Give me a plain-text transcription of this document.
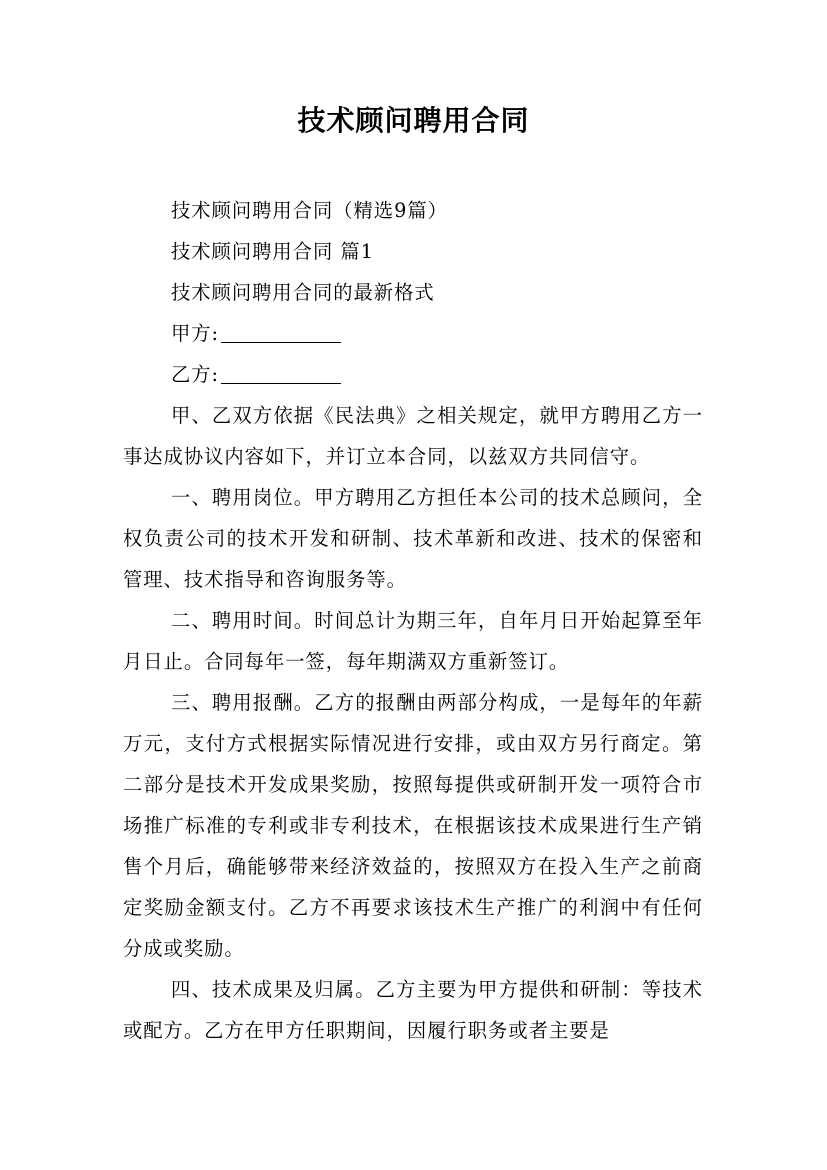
技术顾问聘用合同

技术顾问聘用合同（精选9篇）

技术顾问聘用合同 篇1

技术顾问聘用合同的最新格式

甲方:

乙方:

甲、乙双方依据《民法典》之相关规定，就甲方聘用乙方一事达成协议内容如下，并订立本合同，以兹双方共同信守。

一、聘用岗位。甲方聘用乙方担任本公司的技术总顾问，全权负责公司的技术开发和研制、技术革新和改进、技术的保密和管理、技术指导和咨询服务等。

二、聘用时间。时间总计为期三年，自年月日开始起算至年月日止。合同每年一签，每年期满双方重新签订。

三、聘用报酬。乙方的报酬由两部分构成，一是每年的年薪万元，支付方式根据实际情况进行安排，或由双方另行商定。第二部分是技术开发成果奖励，按照每提供或研制开发一项符合市场推广标准的专利或非专利技术，在根据该技术成果进行生产销售个月后，确能够带来经济效益的，按照双方在投入生产之前商定奖励金额支付。乙方不再要求该技术生产推广的利润中有任何分成或奖励。

四、技术成果及归属。乙方主要为甲方提供和研制：等技术或配方。乙方在甲方任职期间，因履行职务或者主要是
